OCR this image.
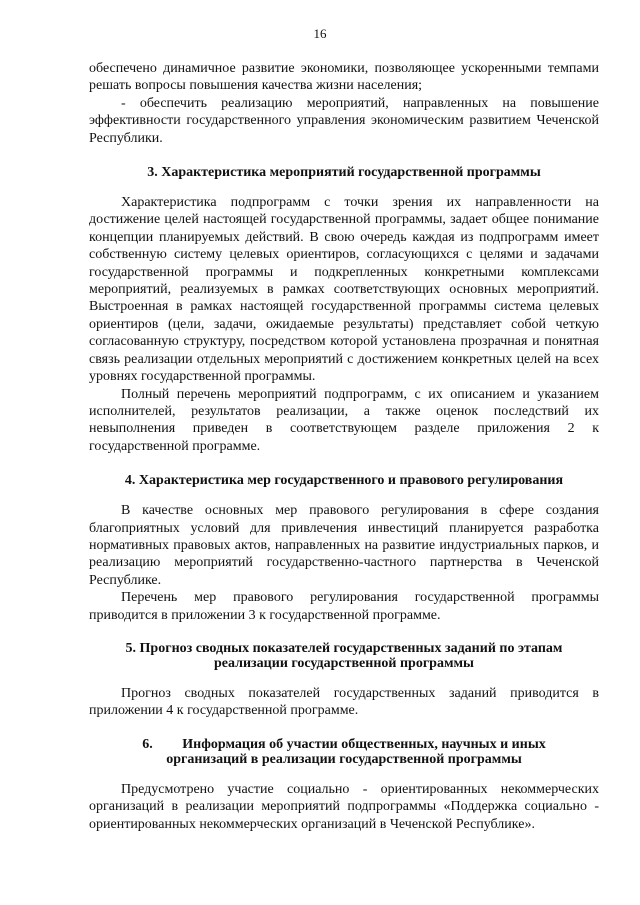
16

обеспечено динамичное развитие экономики, позволяющее ускоренными темпами решать вопросы повышения качества жизни населения;

- обеспечить реализацию мероприятий, направленных на повышение эффективности государственного управления экономическим развитием Чеченской Республики.

3. Характеристика мероприятий государственной программы

Характеристика подпрограмм с точки зрения их направленности на достижение целей настоящей государственной программы, задает общее понимание концепции планируемых действий. В свою очередь каждая из подпрограмм имеет собственную систему целевых ориентиров, согласующихся с целями и задачами государственной программы и подкрепленных конкретными комплексами мероприятий, реализуемых в рамках соответствующих основных мероприятий. Выстроенная в рамках настоящей государственной программы система целевых ориентиров (цели, задачи, ожидаемые результаты) представляет собой четкую согласованную структуру, посредством которой установлена прозрачная и понятная связь реализации отдельных мероприятий с достижением конкретных целей на всех уровнях государственной программы.

Полный перечень мероприятий подпрограмм, с их описанием и указанием исполнителей, результатов реализации, а также оценок последствий их невыполнения приведен в соответствующем разделе приложения 2 к государственной программе.

4. Характеристика мер государственного и правового регулирования

В качестве основных мер правового регулирования в сфере создания благоприятных условий для привлечения инвестиций планируется разработка нормативных правовых актов, направленных на развитие индустриальных парков, и реализацию мероприятий государственно-частного партнерства в Чеченской Республике.

Перечень мер правового регулирования государственной программы приводится в приложении 3 к государственной программе.

5. Прогноз сводных показателей государственных заданий по этапам
реализации государственной программы

Прогноз сводных показателей государственных заданий приводится в приложении 4 к государственной программе.

6. Информация об участии общественных, научных и иных
организаций в реализации государственной программы

Предусмотрено участие социально - ориентированных некоммерческих организаций в реализации мероприятий подпрограммы «Поддержка социально - ориентированных некоммерческих организаций в Чеченской Республике».
